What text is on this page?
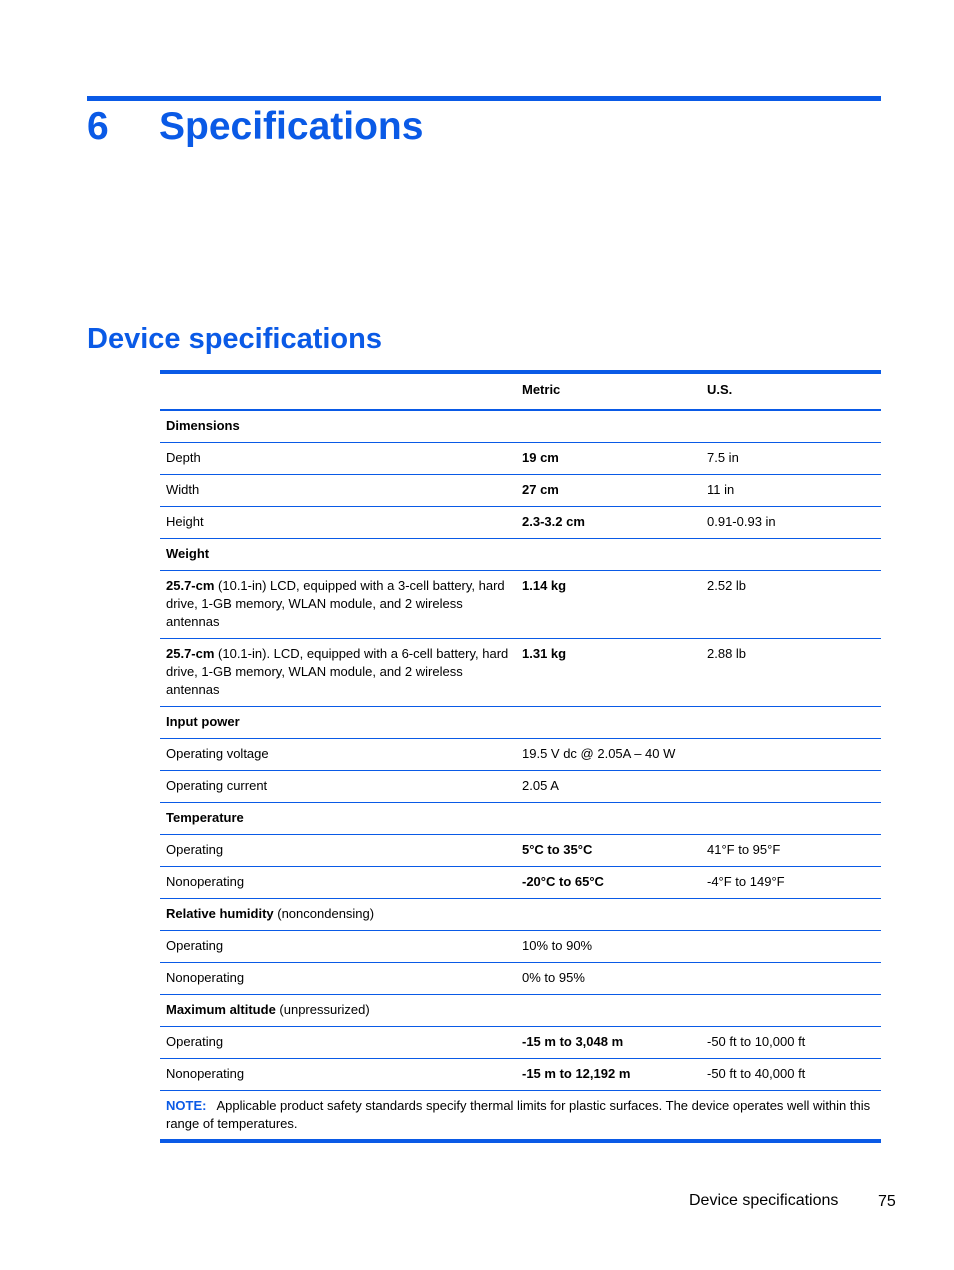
6 Specifications
Device specifications
	Metric	U.S.
Dimensions		
Depth	19 cm	7.5 in
Width	27 cm	11 in
Height	2.3-3.2 cm	0.91-0.93 in
Weight		
25.7-cm (10.1-in) LCD, equipped with a 3-cell battery, hard drive, 1-GB memory, WLAN module, and 2 wireless antennas	1.14 kg	2.52 lb
25.7-cm (10.1-in). LCD, equipped with a 6-cell battery, hard drive, 1-GB memory, WLAN module, and 2 wireless antennas	1.31 kg	2.88 lb
Input power		
Operating voltage	19.5 V dc @ 2.05A – 40 W	
Operating current	2.05 A	
Temperature		
Operating	5°C to 35°C	41°F to 95°F
Nonoperating	-20°C to 65°C	-4°F to 149°F
Relative humidity (noncondensing)		
Operating	10% to 90%	
Nonoperating	0% to 95%	
Maximum altitude (unpressurized)		
Operating	-15 m to 3,048 m	-50 ft to 10,000 ft
Nonoperating	-15 m to 12,192 m	-50 ft to 40,000 ft
NOTE: Applicable product safety standards specify thermal limits for plastic surfaces. The device operates well within this range of temperatures.		
Device specifications 75
